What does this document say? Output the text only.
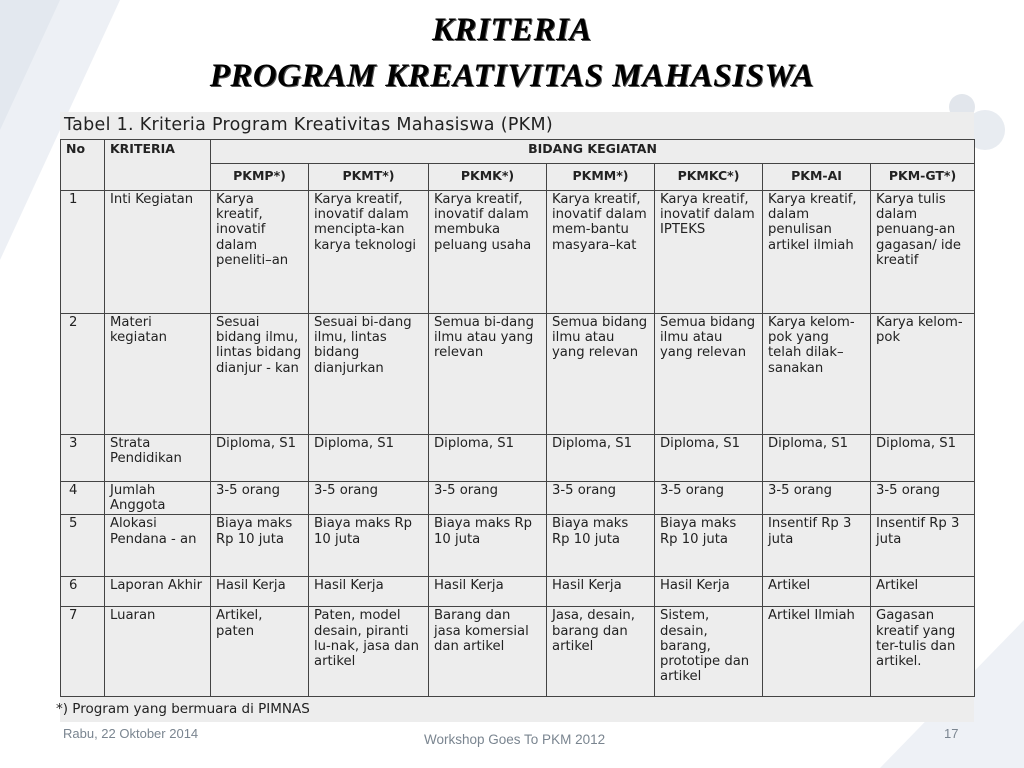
KRITERIA
PROGRAM KREATIVITAS MAHASISWA
Tabel 1. Kriteria Program Kreativitas Mahasiswa (PKM)
No	KRITERIA	BIDANG KEGIATAN						
		PKMP*)	PKMT*)	PKMK*)	PKMM*)	PKMKC*)	PKM-AI	PKM-GT*)
1	Inti Kegiatan	Karya kreatif, inovatif dalam peneliti–an	Karya kreatif, inovatif dalam mencipta-kan karya teknologi	Karya kreatif, inovatif dalam membuka peluang usaha	Karya kreatif, inovatif dalam mem-bantu masyara–kat	Karya kreatif, inovatif dalam IPTEKS	Karya kreatif, dalam penulisan artikel ilmiah	Karya tulis dalam penuang-an gagasan/ ide kreatif
2	Materi kegiatan	Sesuai bidang ilmu, lintas bidang dianjur - kan	Sesuai bi-dang ilmu, lintas bidang dianjurkan	Semua bi-dang ilmu atau yang relevan	Semua bidang ilmu atau yang relevan	Semua bidang ilmu atau yang relevan	Karya kelom-pok yang telah dilak–sanakan	Karya kelom-pok
3	Strata Pendidikan	Diploma, S1	Diploma, S1	Diploma, S1	Diploma, S1	Diploma, S1	Diploma, S1	Diploma, S1
4	Jumlah Anggota	3-5 orang	3-5 orang	3-5 orang	3-5 orang	3-5 orang	3-5 orang	3-5 orang
5	Alokasi Pendana - an	Biaya maks Rp 10 juta	Biaya maks Rp 10 juta	Biaya maks Rp 10 juta	Biaya maks Rp 10 juta	Biaya maks Rp 10 juta	Insentif Rp 3 juta	Insentif Rp 3 juta
6	Laporan Akhir	Hasil Kerja	Hasil Kerja	Hasil Kerja	Hasil Kerja	Hasil Kerja	Artikel	Artikel
7	Luaran	Artikel, paten	Paten, model desain, piranti lu-nak, jasa dan artikel	Barang dan jasa komersial dan artikel	Jasa, desain, barang dan artikel	Sistem, desain, barang, prototipe dan artikel	Artikel Ilmiah	Gagasan kreatif yang ter-tulis dan artikel.
*) Program yang bermuara di PIMNAS
Rabu, 22 Oktober 2014	Workshop Goes To PKM 2012	17
